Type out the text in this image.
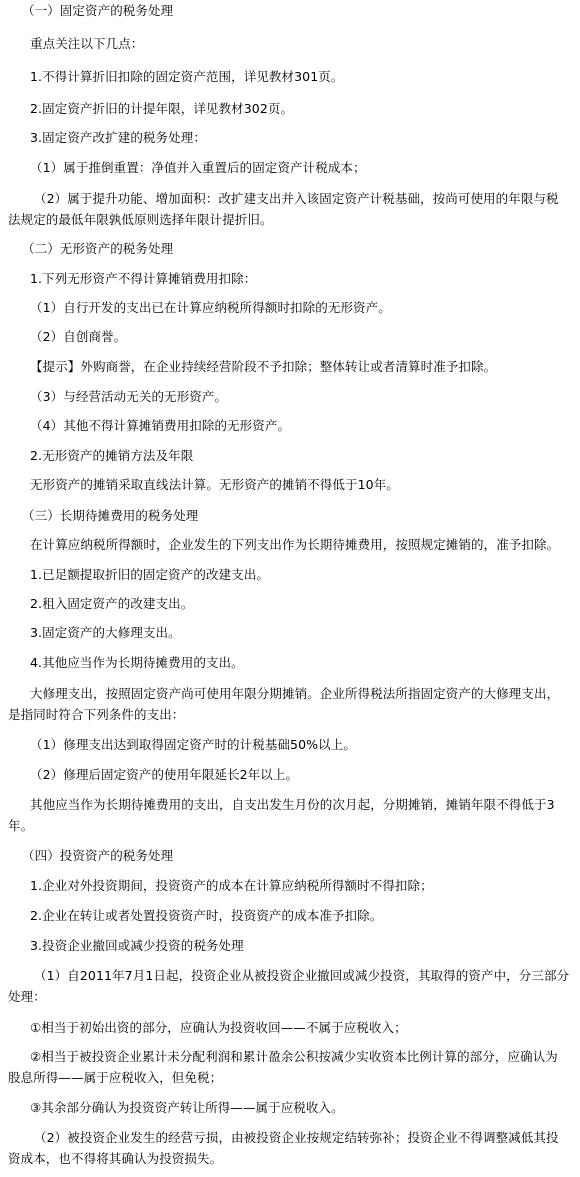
（一）固定资产的税务处理

重点关注以下几点：

1.不得计算折旧扣除的固定资产范围，详见教材301页。

2.固定资产折旧的计提年限，详见教材302页。

3.固定资产改扩建的税务处理：

（1）属于推倒重置：净值并入重置后的固定资产计税成本；

（2）属于提升功能、增加面积：改扩建支出并入该固定资产计税基础，按尚可使用的年限与税法规定的最低年限孰低原则选择年限计提折旧。

（二）无形资产的税务处理

1.下列无形资产不得计算摊销费用扣除：

（1）自行开发的支出已在计算应纳税所得额时扣除的无形资产。

（2）自创商誉。

【提示】外购商誉，在企业持续经营阶段不予扣除；整体转让或者清算时准予扣除。

（3）与经营活动无关的无形资产。

（4）其他不得计算摊销费用扣除的无形资产。

2.无形资产的摊销方法及年限

无形资产的摊销采取直线法计算。无形资产的摊销不得低于10年。

（三）长期待摊费用的税务处理

在计算应纳税所得额时，企业发生的下列支出作为长期待摊费用，按照规定摊销的，准予扣除。

1.已足额提取折旧的固定资产的改建支出。

2.租入固定资产的改建支出。

3.固定资产的大修理支出。

4.其他应当作为长期待摊费用的支出。

大修理支出，按照固定资产尚可使用年限分期摊销。企业所得税法所指固定资产的大修理支出，是指同时符合下列条件的支出：

（1）修理支出达到取得固定资产时的计税基础50%以上。

（2）修理后固定资产的使用年限延长2年以上。

其他应当作为长期待摊费用的支出，自支出发生月份的次月起，分期摊销，摊销年限不得低于3年。

（四）投资资产的税务处理

1.企业对外投资期间，投资资产的成本在计算应纳税所得额时不得扣除；

2.企业在转让或者处置投资资产时，投资资产的成本准予扣除。

3.投资企业撤回或减少投资的税务处理

（1）自2011年7月1日起，投资企业从被投资企业撤回或减少投资，其取得的资产中，分三部分处理：

①相当于初始出资的部分，应确认为投资收回——不属于应税收入；

②相当于被投资企业累计未分配利润和累计盈余公积按减少实收资本比例计算的部分，应确认为股息所得——属于应税收入，但免税；

③其余部分确认为投资资产转让所得——属于应税收入。

（2）被投资企业发生的经营亏损，由被投资企业按规定结转弥补；投资企业不得调整减低其投资成本，也不得将其确认为投资损失。
